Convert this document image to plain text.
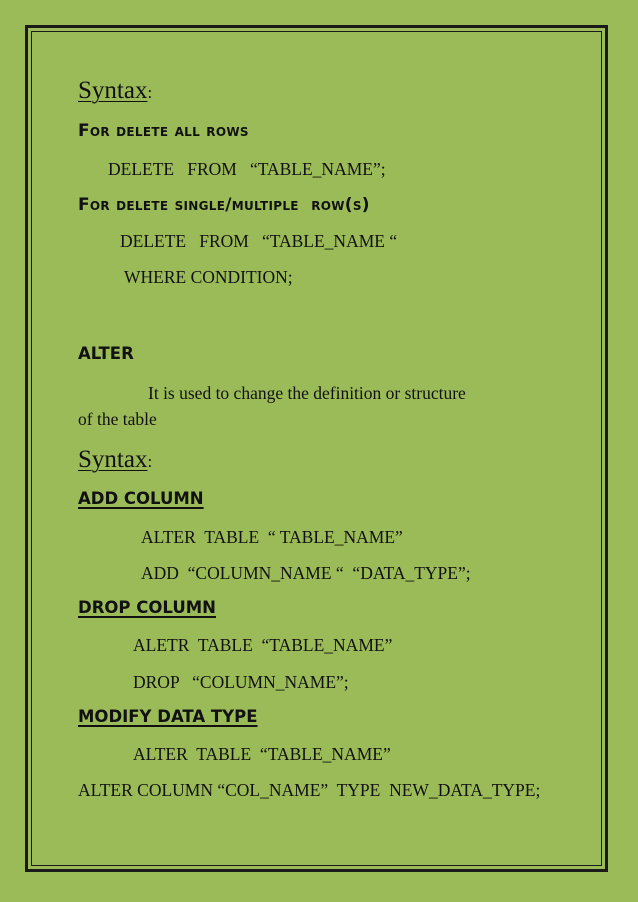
Syntax:
For delete all rows
DELETE   FROM   “TABLE_NAME”;
For delete single/multiple  row(s)
DELETE   FROM   “TABLE_NAME “
WHERE CONDITION;
ALTER
It is used to change the definition or structure
of the table
Syntax:
ADD COLUMN
ALTER  TABLE  “ TABLE_NAME”
ADD  “COLUMN_NAME “  “DATA_TYPE”;
DROP COLUMN
ALETR  TABLE  “TABLE_NAME”
DROP   “COLUMN_NAME”;
MODIFY DATA TYPE
ALTER  TABLE  “TABLE_NAME”
ALTER COLUMN “COL_NAME”  TYPE  NEW_DATA_TYPE;
